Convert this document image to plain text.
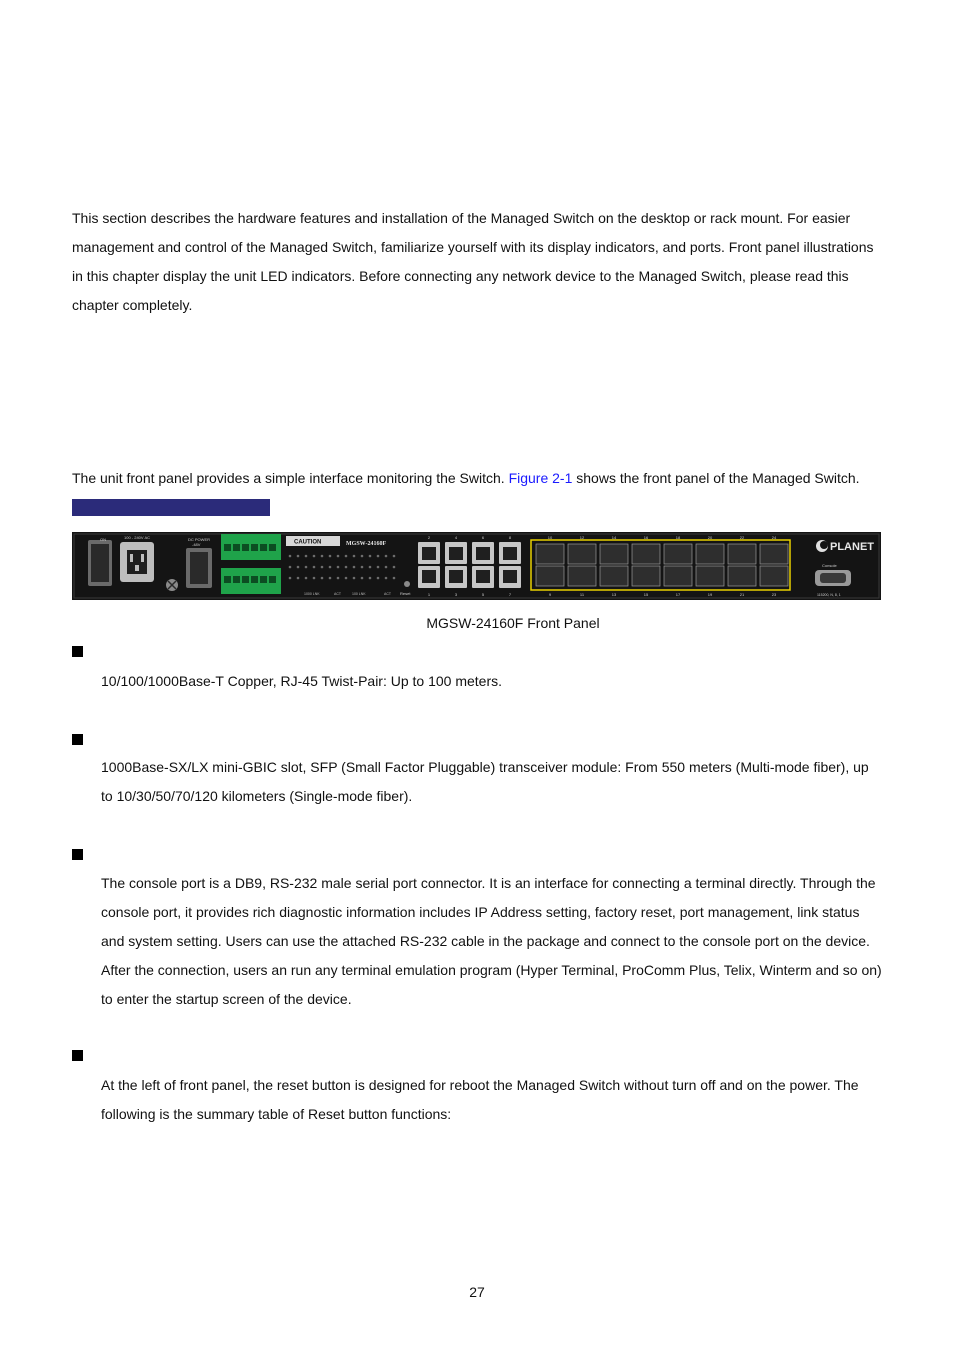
This section describes the hardware features and installation of the Managed Switch on the desktop or rack mount. For easier management and control of the Managed Switch, familiarize yourself with its display indicators, and ports. Front panel illustrations in this chapter display the unit LED indicators. Before connecting any network device to the Managed Switch, please read this chapter completely.

The unit front panel provides a simple interface monitoring the Switch. Figure 2-1 shows the front panel of the Managed Switch.

ON	100 - 240V AC	DC POWER
-48V	CAUTION	MGSW-24160F
1000 LNK	ACT	100 LNK	ACT Reset
2	4	6	8
1	3	5	7
10	12	14	16	18	20	22	24
9	11	13	15	17	19	21	23
PLANET
Console
115200, N, 8, 1
MGSW-24160F Front Panel

10/100/1000Base-T Copper, RJ-45 Twist-Pair: Up to 100 meters.

1000Base-SX/LX mini-GBIC slot, SFP (Small Factor Pluggable) transceiver module: From 550 meters (Multi-mode fiber), up to 10/30/50/70/120 kilometers (Single-mode fiber).

The console port is a DB9, RS-232 male serial port connector. It is an interface for connecting a terminal directly. Through the console port, it provides rich diagnostic information includes IP Address setting, factory reset, port management, link status and system setting. Users can use the attached RS-232 cable in the package and connect to the console port on the device. After the connection, users an run any terminal emulation program (Hyper Terminal, ProComm Plus, Telix, Winterm and so on) to enter the startup screen of the device.

At the left of front panel, the reset button is designed for reboot the Managed Switch without turn off and on the power. The following is the summary table of Reset button functions:

27
